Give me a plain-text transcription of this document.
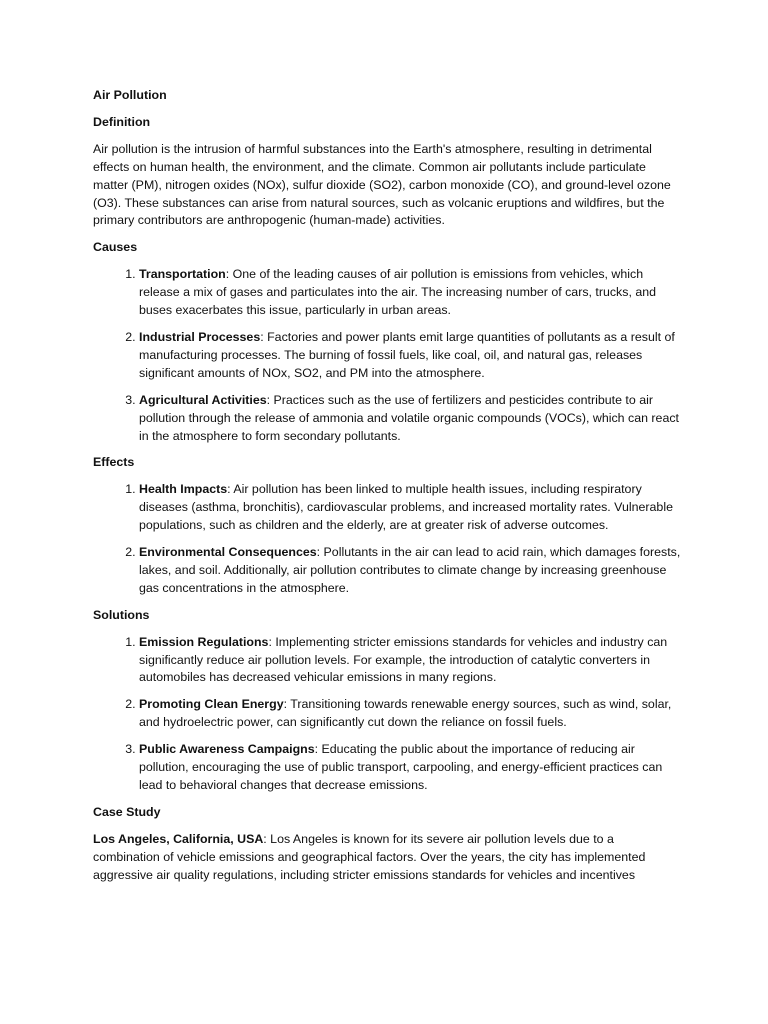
Air Pollution

Definition

Air pollution is the intrusion of harmful substances into the Earth's atmosphere, resulting in detrimental effects on human health, the environment, and the climate. Common air pollutants include particulate matter (PM), nitrogen oxides (NOx), sulfur dioxide (SO2), carbon monoxide (CO), and ground-level ozone (O3). These substances can arise from natural sources, such as volcanic eruptions and wildfires, but the primary contributors are anthropogenic (human-made) activities.

Causes

1. Transportation: One of the leading causes of air pollution is emissions from vehicles, which release a mix of gases and particulates into the air. The increasing number of cars, trucks, and buses exacerbates this issue, particularly in urban areas.
2. Industrial Processes: Factories and power plants emit large quantities of pollutants as a result of manufacturing processes. The burning of fossil fuels, like coal, oil, and natural gas, releases significant amounts of NOx, SO2, and PM into the atmosphere.
3. Agricultural Activities: Practices such as the use of fertilizers and pesticides contribute to air pollution through the release of ammonia and volatile organic compounds (VOCs), which can react in the atmosphere to form secondary pollutants.

Effects

1. Health Impacts: Air pollution has been linked to multiple health issues, including respiratory diseases (asthma, bronchitis), cardiovascular problems, and increased mortality rates. Vulnerable populations, such as children and the elderly, are at greater risk of adverse outcomes.
2. Environmental Consequences: Pollutants in the air can lead to acid rain, which damages forests, lakes, and soil. Additionally, air pollution contributes to climate change by increasing greenhouse gas concentrations in the atmosphere.

Solutions

1. Emission Regulations: Implementing stricter emissions standards for vehicles and industry can significantly reduce air pollution levels. For example, the introduction of catalytic converters in automobiles has decreased vehicular emissions in many regions.
2. Promoting Clean Energy: Transitioning towards renewable energy sources, such as wind, solar, and hydroelectric power, can significantly cut down the reliance on fossil fuels.
3. Public Awareness Campaigns: Educating the public about the importance of reducing air pollution, encouraging the use of public transport, carpooling, and energy-efficient practices can lead to behavioral changes that decrease emissions.

Case Study

Los Angeles, California, USA: Los Angeles is known for its severe air pollution levels due to a combination of vehicle emissions and geographical factors. Over the years, the city has implemented aggressive air quality regulations, including stricter emissions standards for vehicles and incentives
